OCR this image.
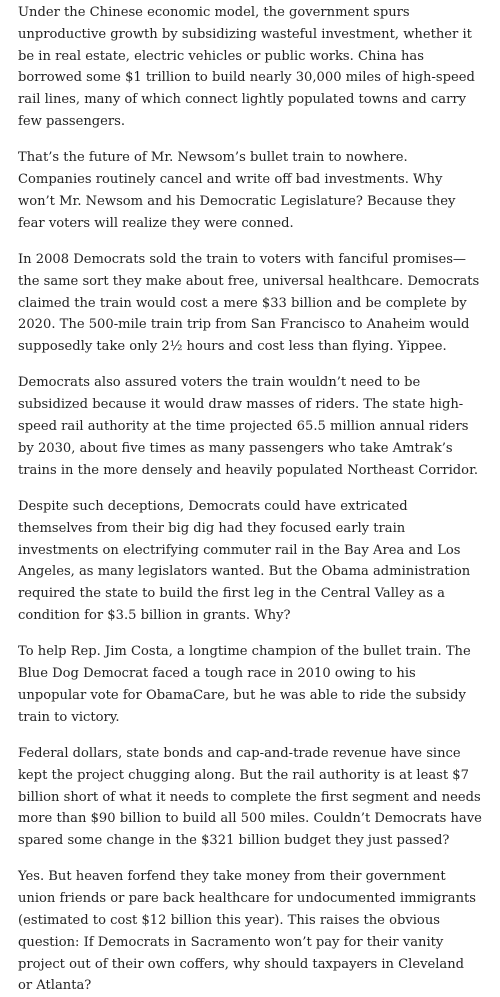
Under the Chinese economic model, the government spurs unproductive growth by subsidizing wasteful investment, whether it be in real estate, electric vehicles or public works. China has borrowed some $1 trillion to build nearly 30,000 miles of high-speed rail lines, many of which connect lightly populated towns and carry few passengers.

That’s the future of Mr. Newsom’s bullet train to nowhere. Companies routinely cancel and write off bad investments. Why won’t Mr. Newsom and his Democratic Legislature? Because they fear voters will realize they were conned.

In 2008 Democrats sold the train to voters with fanciful promises—the same sort they make about free, universal healthcare. Democrats claimed the train would cost a mere $33 billion and be complete by 2020. The 500-mile train trip from San Francisco to Anaheim would supposedly take only 2½ hours and cost less than flying. Yippee.

Democrats also assured voters the train wouldn’t need to be subsidized because it would draw masses of riders. The state high-speed rail authority at the time projected 65.5 million annual riders by 2030, about five times as many passengers who take Amtrak’s trains in the more densely and heavily populated Northeast Corridor.

Despite such deceptions, Democrats could have extricated themselves from their big dig had they focused early train investments on electrifying commuter rail in the Bay Area and Los Angeles, as many legislators wanted. But the Obama administration required the state to build the first leg in the Central Valley as a condition for $3.5 billion in grants. Why?

To help Rep. Jim Costa, a longtime champion of the bullet train. The Blue Dog Democrat faced a tough race in 2010 owing to his unpopular vote for ObamaCare, but he was able to ride the subsidy train to victory.

Federal dollars, state bonds and cap-and-trade revenue have since kept the project chugging along. But the rail authority is at least $7 billion short of what it needs to complete the first segment and needs more than $90 billion to build all 500 miles. Couldn’t Democrats have spared some change in the $321 billion budget they just passed?

Yes. But heaven forfend they take money from their government union friends or pare back healthcare for undocumented immigrants (estimated to cost $12 billion this year). This raises the obvious question: If Democrats in Sacramento won’t pay for their vanity project out of their own coffers, why should taxpayers in Cleveland or Atlanta?
